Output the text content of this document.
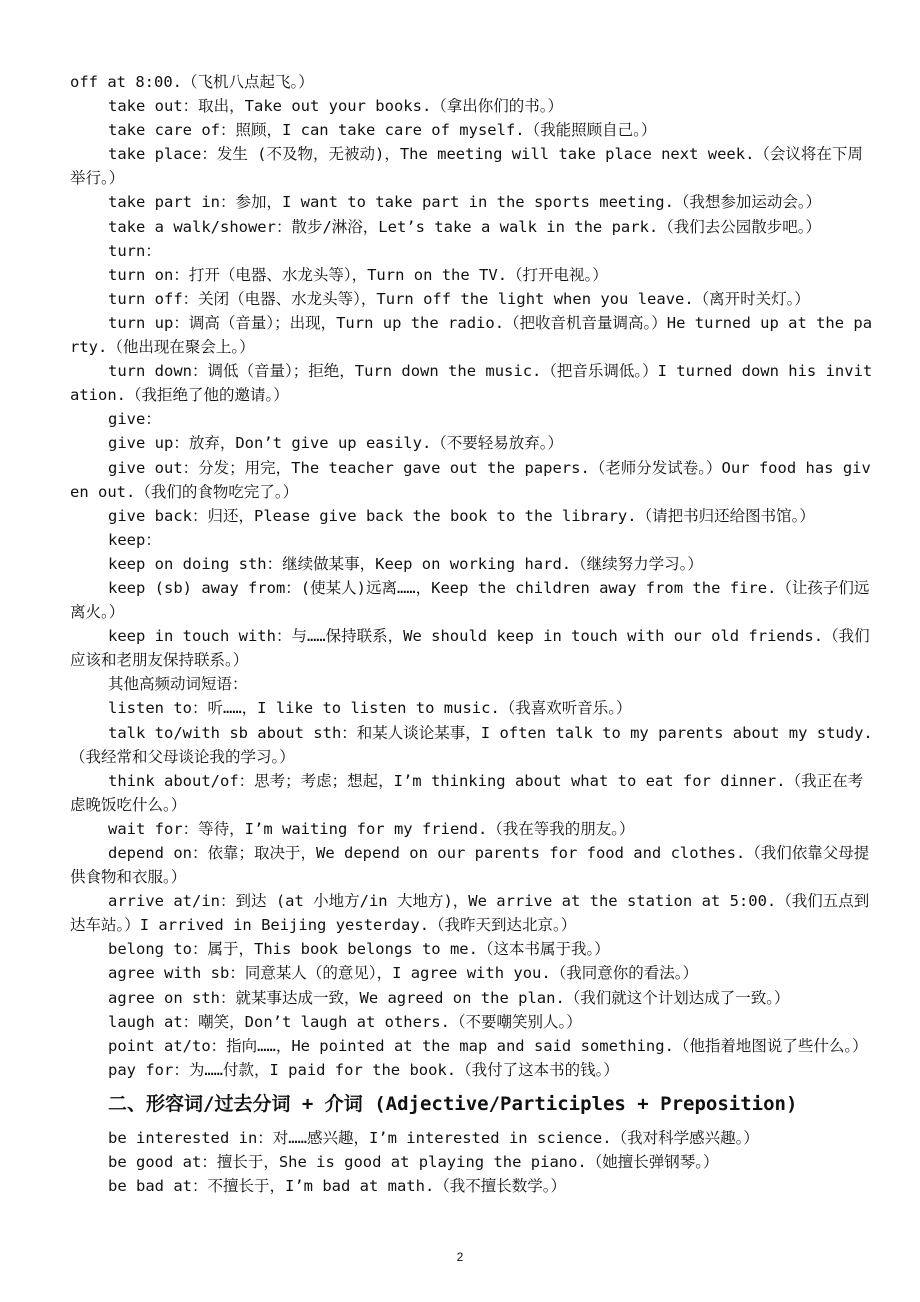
off at 8:00.（飞机八点起飞。）

take out：取出，Take out your books.（拿出你们的书。）

take care of：照顾，I can take care of myself.（我能照顾自己。）

take place：发生 (不及物，无被动)，The meeting will take place next week.（会议将在下周举行。）

take part in：参加，I want to take part in the sports meeting.（我想参加运动会。）

take a walk/shower：散步/淋浴，Let’s take a walk in the park.（我们去公园散步吧。）

turn：

turn on：打开（电器、水龙头等），Turn on the TV.（打开电视。）

turn off：关闭（电器、水龙头等），Turn off the light when you leave.（离开时关灯。）

turn up：调高（音量）；出现，Turn up the radio.（把收音机音量调高。）He turned up at the party.（他出现在聚会上。）

turn down：调低（音量）；拒绝，Turn down the music.（把音乐调低。）I turned down his invitation.（我拒绝了他的邀请。）

give：

give up：放弃，Don’t give up easily.（不要轻易放弃。）

give out：分发；用完，The teacher gave out the papers.（老师分发试卷。）Our food has given out.（我们的食物吃完了。）

give back：归还，Please give back the book to the library.（请把书归还给图书馆。）

keep：

keep on doing sth：继续做某事，Keep on working hard.（继续努力学习。）

keep (sb) away from：(使某人)远离……，Keep the children away from the fire.（让孩子们远离火。）

keep in touch with：与……保持联系，We should keep in touch with our old friends.（我们应该和老朋友保持联系。）

其他高频动词短语：

listen to：听……，I like to listen to music.（我喜欢听音乐。）

talk to/with sb about sth：和某人谈论某事，I often talk to my parents about my study.（我经常和父母谈论我的学习。）

think about/of：思考；考虑；想起，I’m thinking about what to eat for dinner.（我正在考虑晚饭吃什么。）

wait for：等待，I’m waiting for my friend.（我在等我的朋友。）

depend on：依靠；取决于，We depend on our parents for food and clothes.（我们依靠父母提供食物和衣服。）

arrive at/in：到达 (at 小地方/in 大地方)，We arrive at the station at 5:00.（我们五点到达车站。）I arrived in Beijing yesterday.（我昨天到达北京。）

belong to：属于，This book belongs to me.（这本书属于我。）

agree with sb：同意某人（的意见），I agree with you.（我同意你的看法。）

agree on sth：就某事达成一致，We agreed on the plan.（我们就这个计划达成了一致。）

laugh at：嘲笑，Don’t laugh at others.（不要嘲笑别人。）

point at/to：指向……，He pointed at the map and said something.（他指着地图说了些什么。）

pay for：为……付款，I paid for the book.（我付了这本书的钱。）

二、形容词/过去分词 + 介词 (Adjective/Participles + Preposition)

be interested in：对……感兴趣，I’m interested in science.（我对科学感兴趣。）

be good at：擅长于，She is good at playing the piano.（她擅长弹钢琴。）

be bad at：不擅长于，I’m bad at math.（我不擅长数学。）

2
